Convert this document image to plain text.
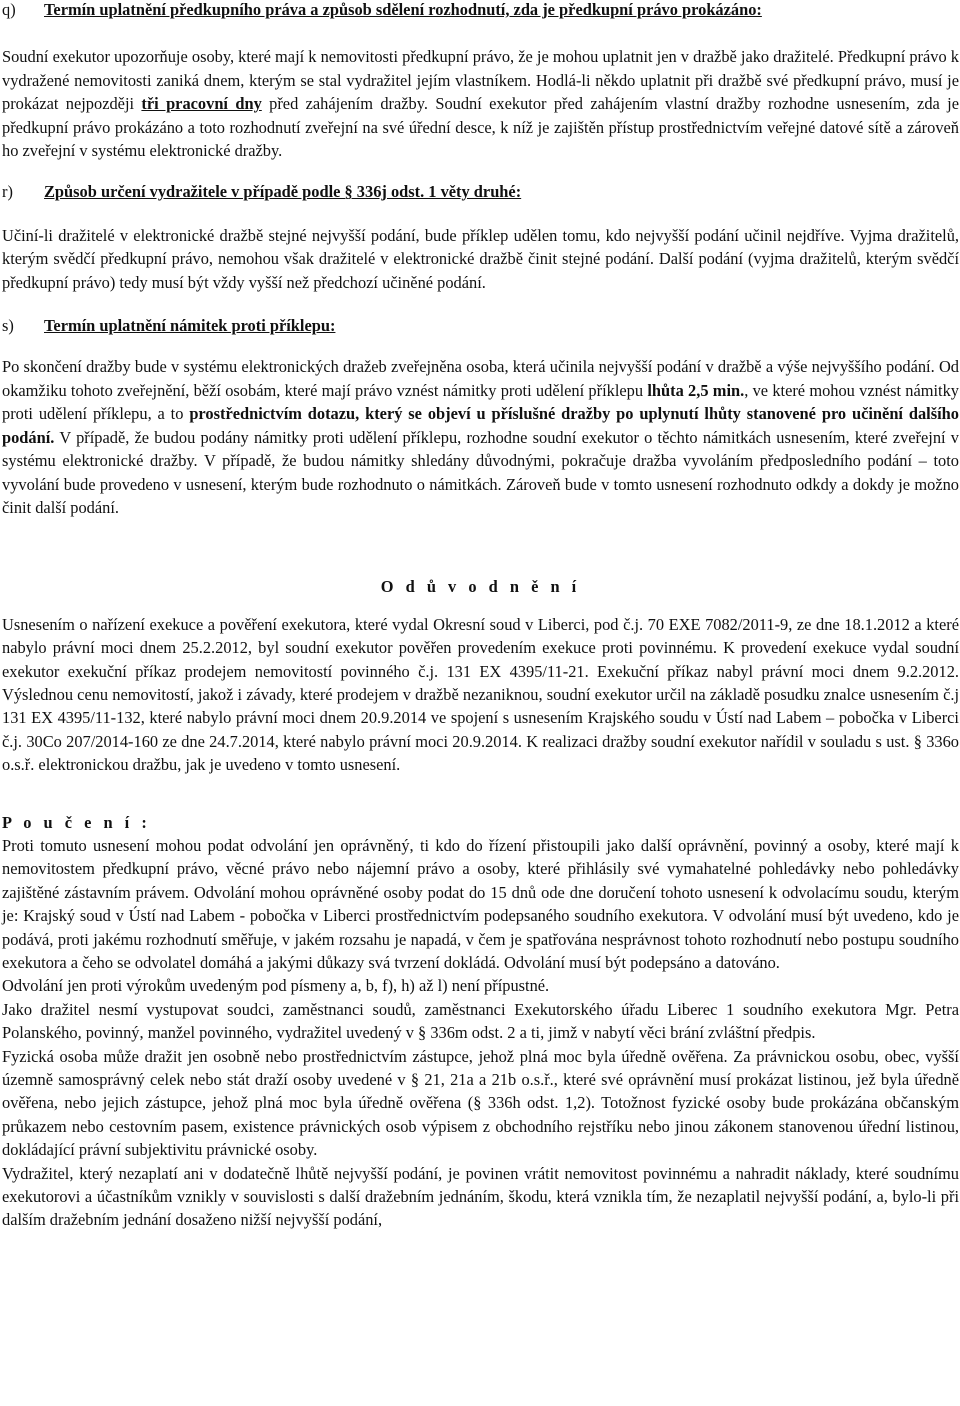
q)	Termín uplatnění předkupního práva a způsob sdělení rozhodnutí, zda je předkupní právo prokázáno:

Soudní exekutor upozorňuje osoby, které mají k nemovitosti předkupní právo, že je mohou uplatnit jen v dražbě jako dražitelé. Předkupní právo k vydražené nemovitosti zaniká dnem, kterým se stal vydražitel jejím vlastníkem. Hodlá-li někdo uplatnit při dražbě své předkupní právo, musí je prokázat nejpozději tři pracovní dny před zahájením dražby. Soudní exekutor před zahájením vlastní dražby rozhodne usnesením, zda je předkupní právo prokázáno a toto rozhodnutí zveřejní na své úřední desce, k níž je zajištěn přístup prostřednictvím veřejné datové sítě a zároveň ho zveřejní v systému elektronické dražby.

r)	Způsob určení vydražitele v případě podle § 336j odst. 1 věty druhé:

Učiní-li dražitelé v elektronické dražbě stejné nejvyšší podání, bude příklep udělen tomu, kdo nejvyšší podání učinil nejdříve. Vyjma dražitelů, kterým svědčí předkupní právo, nemohou však dražitelé v elektronické dražbě činit stejné podání. Další podání (vyjma dražitelů, kterým svědčí předkupní právo) tedy musí být vždy vyšší než předchozí učiněné podání.

s)	Termín uplatnění námitek proti příklepu:

Po skončení dražby bude v systému elektronických dražeb zveřejněna osoba, která učinila nejvyšší podání v dražbě a výše nejvyššího podání. Od okamžiku tohoto zveřejnění, běží osobám, které mají právo vznést námitky proti udělení příklepu lhůta 2,5 min., ve které mohou vznést námitky proti udělení příklepu, a to prostřednictvím dotazu, který se objeví u příslušné dražby po uplynutí lhůty stanovené pro učinění dalšího podání. V případě, že budou podány námitky proti udělení příklepu, rozhodne soudní exekutor o těchto námitkách usnesením, které zveřejní v systému elektronické dražby. V případě, že budou námitky shledány důvodnými, pokračuje dražba vyvoláním předposledního podání – toto vyvolání bude provedeno v usnesení, kterým bude rozhodnuto o námitkách. Zároveň bude v tomto usnesení rozhodnuto odkdy a dokdy je možno činit další podání.

O d ů v o d n ě n í

Usnesením o nařízení exekuce a pověření exekutora, které vydal Okresní soud v Liberci, pod č.j. 70 EXE 7082/2011-9, ze dne 18.1.2012 a které nabylo právní moci dnem 25.2.2012, byl soudní exekutor pověřen provedením exekuce proti povinnému. K provedení exekuce vydal soudní exekutor exekuční příkaz prodejem nemovitostí povinného č.j. 131 EX 4395/11-21. Exekuční příkaz nabyl právní moci dnem 9.2.2012. Výslednou cenu nemovitostí, jakož i závady, které prodejem v dražbě nezaniknou, soudní exekutor určil na základě posudku znalce usnesením č.j 131 EX 4395/11-132, které nabylo právní moci dnem 20.9.2014 ve spojení s usnesením Krajského soudu v Ústí nad Labem – pobočka v Liberci č.j. 30Co 207/2014-160 ze dne 24.7.2014, které nabylo právní moci 20.9.2014. K realizaci dražby soudní exekutor nařídil v souladu s ust. § 336o o.s.ř. elektronickou dražbu, jak je uvedeno v tomto usnesení.

P o u č e n í :

Proti tomuto usnesení mohou podat odvolání jen oprávněný, ti kdo do řízení přistoupili jako další oprávnění, povinný a osoby, které mají k nemovitostem předkupní právo, věcné právo nebo nájemní právo a osoby, které přihlásily své vymahatelné pohledávky nebo pohledávky zajištěné zástavním právem. Odvolání mohou oprávněné osoby podat do 15 dnů ode dne doručení tohoto usnesení k odvolacímu soudu, kterým je: Krajský soud v Ústí nad Labem - pobočka v Liberci prostřednictvím podepsaného soudního exekutora. V odvolání musí být uvedeno, kdo je podává, proti jakému rozhodnutí směřuje, v jakém rozsahu je napadá, v čem je spatřována nesprávnost tohoto rozhodnutí nebo postupu soudního exekutora a čeho se odvolatel domáhá a jakými důkazy svá tvrzení dokládá. Odvolání musí být podepsáno a datováno.

Odvolání jen proti výrokům uvedeným pod písmeny a, b, f), h) až l) není přípustné.

Jako dražitel nesmí vystupovat soudci, zaměstnanci soudů, zaměstnanci Exekutorského úřadu Liberec 1 soudního exekutora Mgr. Petra Polanského, povinný, manžel povinného, vydražitel uvedený v § 336m odst. 2 a ti, jimž v nabytí věci brání zvláštní předpis.

Fyzická osoba může dražit jen osobně nebo prostřednictvím zástupce, jehož plná moc byla úředně ověřena. Za právnickou osobu, obec, vyšší územně samosprávný celek nebo stát draží osoby uvedené v § 21, 21a a 21b o.s.ř., které své oprávnění musí prokázat listinou, jež byla úředně ověřena, nebo jejich zástupce, jehož plná moc byla úředně ověřena (§ 336h odst. 1,2). Totožnost fyzické osoby bude prokázána občanským průkazem nebo cestovním pasem, existence právnických osob výpisem z obchodního rejstříku nebo jinou zákonem stanovenou úřední listinou, dokládající právní subjektivitu právnické osoby.

Vydražitel, který nezaplatí ani v dodatečně lhůtě nejvyšší podání, je povinen vrátit nemovitost povinnému a nahradit náklady, které soudnímu exekutorovi a účastníkům vznikly v souvislosti s další dražebním jednáním, škodu, která vznikla tím, že nezaplatil nejvyšší podání, a, bylo-li při dalším dražebním jednání dosaženo nižší nejvyšší podání,
